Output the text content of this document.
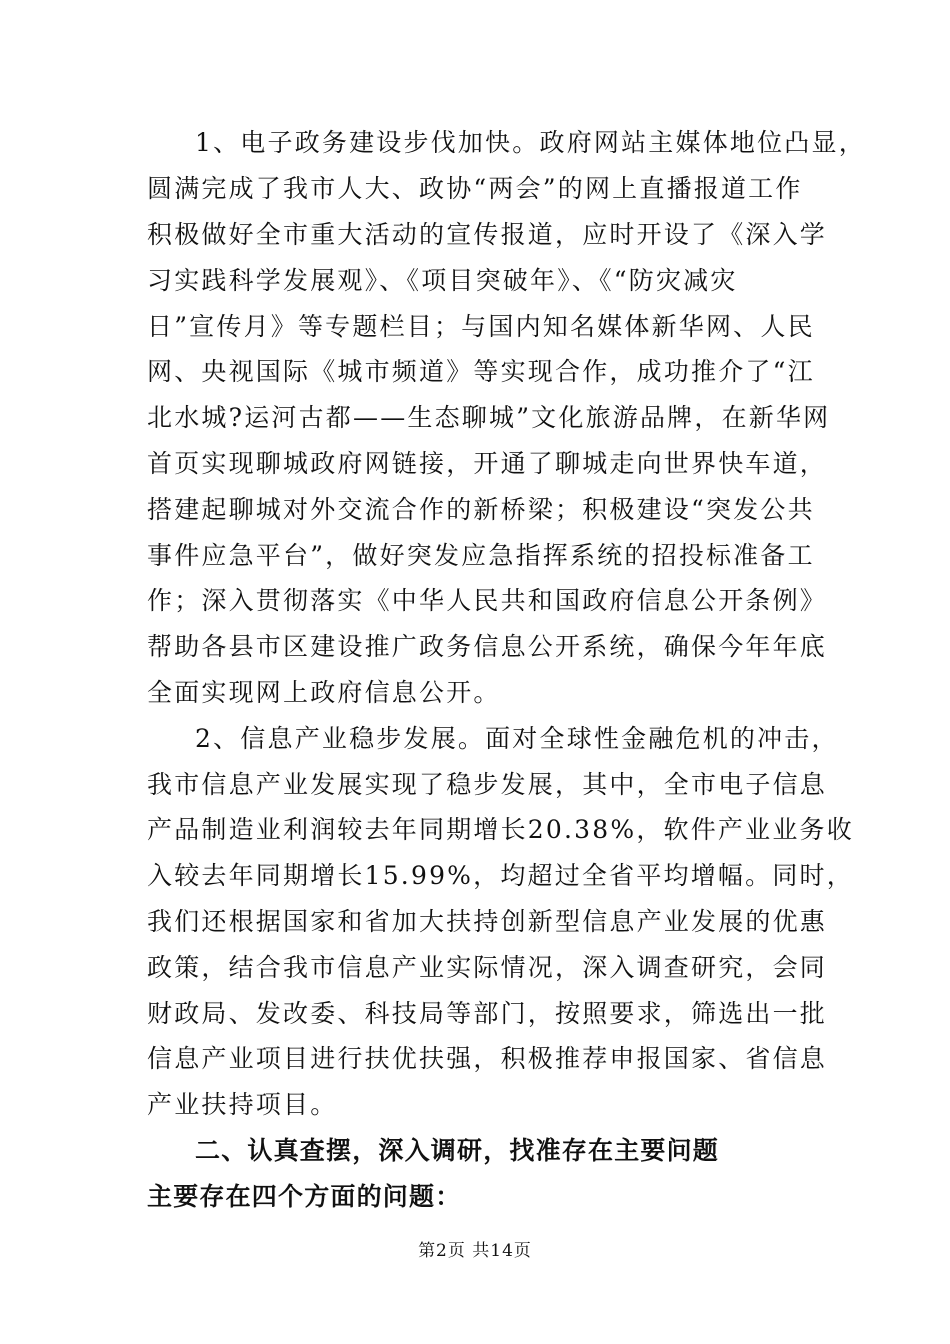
1、电子政务建设步伐加快。政府网站主媒体地位凸显，
圆满完成了我市人大、政协“两会”的网上直播报道工作
积极做好全市重大活动的宣传报道，应时开设了《深入学
习实践科学发展观》、《项目突破年》、《“防灾减灾
日”宣传月》等专题栏目；与国内知名媒体新华网、人民
网、央视国际《城市频道》等实现合作，成功推介了“江
北水城?运河古都——生态聊城”文化旅游品牌，在新华网
首页实现聊城政府网链接，开通了聊城走向世界快车道，
搭建起聊城对外交流合作的新桥梁；积极建设“突发公共
事件应急平台”，做好突发应急指挥系统的招投标准备工
作；深入贯彻落实《中华人民共和国政府信息公开条例》
帮助各县市区建设推广政务信息公开系统，确保今年年底
全面实现网上政府信息公开。
2、信息产业稳步发展。面对全球性金融危机的冲击，
我市信息产业发展实现了稳步发展，其中，全市电子信息
产品制造业利润较去年同期增长20.38%，软件产业业务收
入较去年同期增长15.99%，均超过全省平均增幅。同时，
我们还根据国家和省加大扶持创新型信息产业发展的优惠
政策，结合我市信息产业实际情况，深入调查研究，会同
财政局、发改委、科技局等部门，按照要求，筛选出一批
信息产业项目进行扶优扶强，积极推荐申报国家、省信息
产业扶持项目。
二、认真查摆，深入调研，找准存在主要问题
主要存在四个方面的问题：
第2页 共14页
